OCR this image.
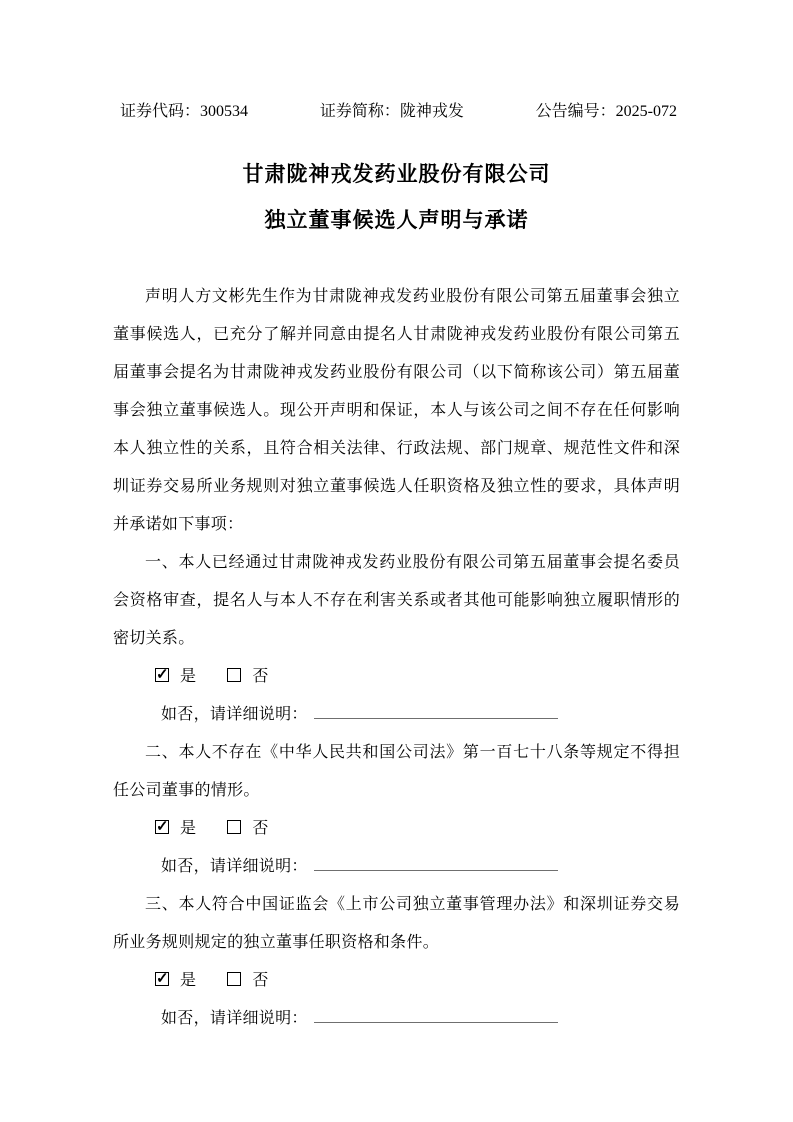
证券代码：300534	证券简称：陇神戎发	公告编号：2025-072
甘肃陇神戎发药业股份有限公司
独立董事候选人声明与承诺

声明人方文彬先生作为甘肃陇神戎发药业股份有限公司第五届董事会独立董事候选人，已充分了解并同意由提名人甘肃陇神戎发药业股份有限公司第五届董事会提名为甘肃陇神戎发药业股份有限公司（以下简称该公司）第五届董事会独立董事候选人。现公开声明和保证，本人与该公司之间不存在任何影响本人独立性的关系，且符合相关法律、行政法规、部门规章、规范性文件和深圳证券交易所业务规则对独立董事候选人任职资格及独立性的要求，具体声明并承诺如下事项：

一、本人已经通过甘肃陇神戎发药业股份有限公司第五届董事会提名委员会资格审查，提名人与本人不存在利害关系或者其他可能影响独立履职情形的密切关系。

✓是	否
如否，请详细说明：

二、本人不存在《中华人民共和国公司法》第一百七十八条等规定不得担任公司董事的情形。

✓是	否
如否，请详细说明：

三、本人符合中国证监会《上市公司独立董事管理办法》和深圳证券交易所业务规则规定的独立董事任职资格和条件。

✓是	否
如否，请详细说明：
